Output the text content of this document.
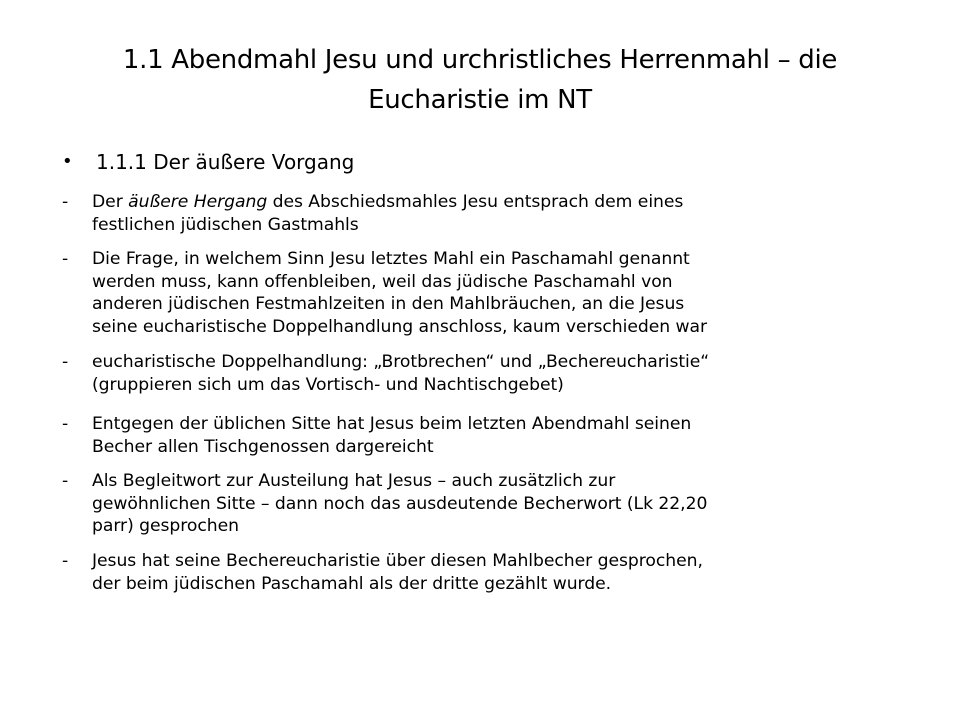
1.1 Abendmahl Jesu und urchristliches Herrenmahl – die
Eucharistie im NT
• 1.1.1 Der äußere Vorgang
-	Der äußere Hergang des Abschiedsmahles Jesu entsprach dem eines
festlichen jüdischen Gastmahls
-	Die Frage, in welchem Sinn Jesu letztes Mahl ein Paschamahl genannt
werden muss, kann offenbleiben, weil das jüdische Paschamahl von
anderen jüdischen Festmahlzeiten in den Mahlbräuchen, an die Jesus
seine eucharistische Doppelhandlung anschloss, kaum verschieden war
-	eucharistische Doppelhandlung: „Brotbrechen“ und „Bechereucharistie“
(gruppieren sich um das Vortisch- und Nachtischgebet)
-	Entgegen der üblichen Sitte hat Jesus beim letzten Abendmahl seinen
Becher allen Tischgenossen dargereicht
-	Als Begleitwort zur Austeilung hat Jesus – auch zusätzlich zur
gewöhnlichen Sitte – dann noch das ausdeutende Becherwort (Lk 22,20
parr) gesprochen
-	Jesus hat seine Bechereucharistie über diesen Mahlbecher gesprochen,
der beim jüdischen Paschamahl als der dritte gezählt wurde.
